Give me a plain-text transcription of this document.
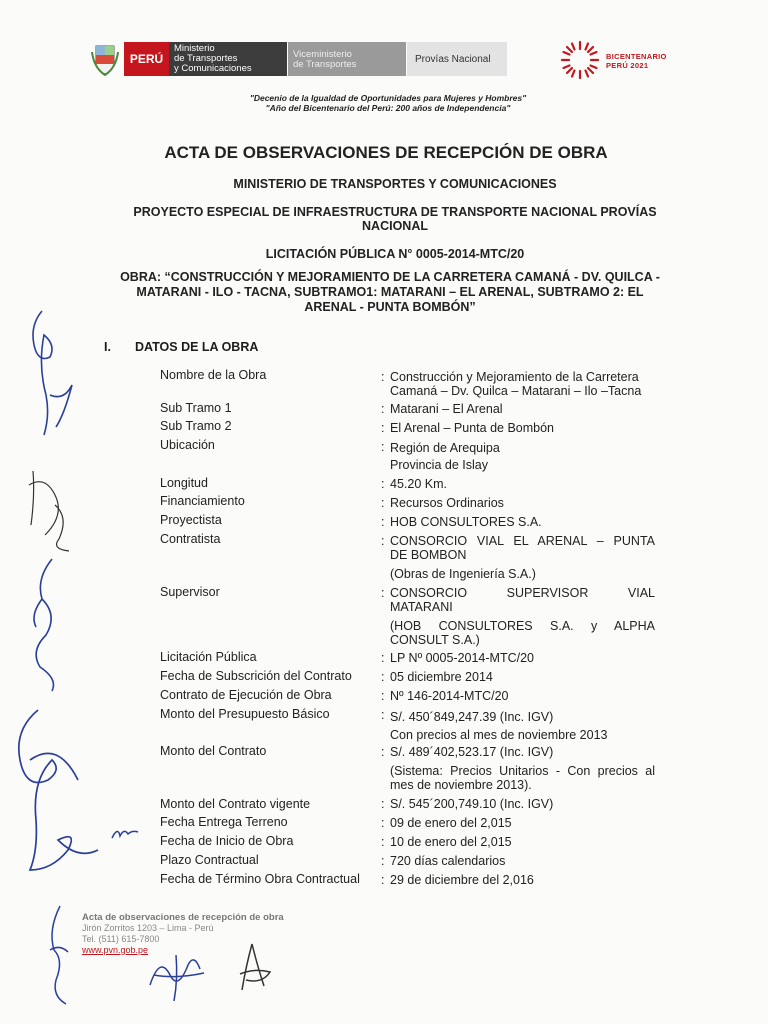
PERÚ
Ministerio
de Transportes
y Comunicaciones
Viceministerio
de Transportes	Provías Nacional	BICENTENARIO
PERÚ 2021
"Decenio de la Igualdad de Oportunidades para Mujeres y Hombres"
"Año del Bicentenario del Perú: 200 años de Independencia"
ACTA DE OBSERVACIONES DE RECEPCIÓN DE OBRA
MINISTERIO DE TRANSPORTES Y COMUNICACIONES
PROYECTO ESPECIAL DE INFRAESTRUCTURA DE TRANSPORTE NACIONAL PROVÍAS
NACIONAL
LICITACIÓN PÚBLICA N° 0005-2014-MTC/20
OBRA: “CONSTRUCCIÓN Y MEJORAMIENTO DE LA CARRETERA CAMANÁ - DV. QUILCA -
MATARANI - ILO - TACNA, SUBTRAMO1: MATARANI – EL ARENAL, SUBTRAMO 2: EL
ARENAL - PUNTA BOMBÓN”
I. DATOS DE LA OBRA
Nombre de la Obra	: Construcción y Mejoramiento de la Carretera
Camaná – Dv. Quilca – Matarani – Ilo –Tacna
Sub Tramo 1	: Matarani – El Arenal
Sub Tramo 2	: El Arenal – Punta de Bombón
Ubicación	: Región de Arequipa
Provincia de Islay
Longitud	: 45.20 Km.
Financiamiento	: Recursos Ordinarios
Proyectista	: HOB CONSULTORES S.A.
Contratista	: CONSORCIO VIAL EL ARENAL – PUNTA
DE BOMBON
(Obras de Ingeniería S.A.)
Supervisor	: CONSORCIO SUPERVISOR VIAL
MATARANI
(HOB CONSULTORES S.A. y ALPHA
CONSULT S.A.)
Licitación Pública	: LP Nº 0005-2014-MTC/20
Fecha de Subscrición del Contrato : 05 diciembre 2014
Contrato de Ejecución de Obra	: Nº 146-2014-MTC/20
Monto del Presupuesto Básico	: S/. 450´849,247.39 (Inc. IGV)
Con precios al mes de noviembre 2013
Monto del Contrato	: S/. 489´402,523.17 (Inc. IGV)
(Sistema: Precios Unitarios - Con precios al
mes de noviembre 2013).
Monto del Contrato vigente	: S/. 545´200,749.10 (Inc. IGV)
Fecha Entrega Terreno	: 09 de enero del 2,015
Fecha de Inicio de Obra	: 10 de enero del 2,015
Plazo Contractual	: 720 días calendarios
Fecha de Término Obra Contractual : 29 de diciembre del 2,016
Acta de observaciones de recepción de obra
Jirón Zorritos 1203 – Lima - Perú
Tel. (511) 615-7800
www.pvn.gob.pe
